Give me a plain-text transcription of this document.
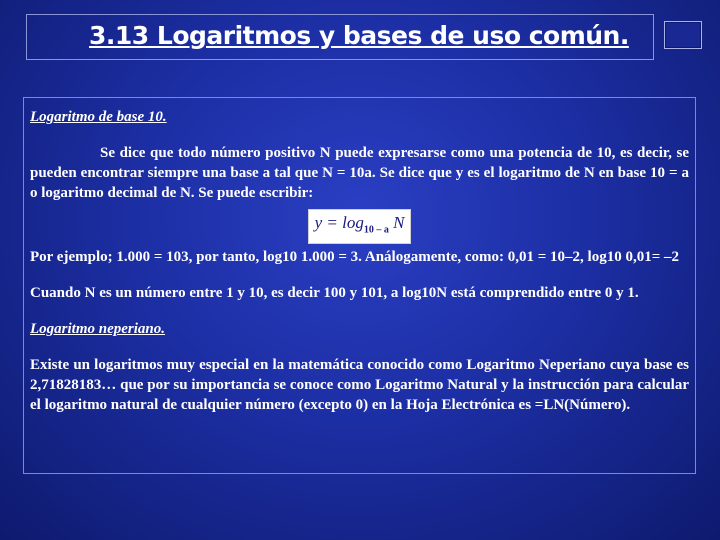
3.13 Logaritmos y bases de uso común.

Logaritmo de base 10.

Se dice que todo número positivo N puede expresarse como una potencia de 10, es decir, se pueden encontrar siempre una base a tal que N = 10a. Se dice que y es el logaritmo de N en base 10 = a o logaritmo decimal de N. Se puede escribir:

$y = \log_{10 - a} N$

Por ejemplo; 1.000 = 103, por tanto, log10 1.000 = 3. Análogamente, como: 0,01 = 10–2, log10 0,01= –2

Cuando N es un número entre 1 y 10, es decir 100 y 101, a log10N está comprendido entre 0 y 1.

Logaritmo neperiano.

Existe un logaritmos muy especial en la matemática conocido como Logaritmo Neperiano cuya base es 2,71828183… que por su importancia se conoce como Logaritmo Natural y la instrucción para calcular el logaritmo natural de cualquier número (excepto 0) en la Hoja Electrónica es =LN(Número).
